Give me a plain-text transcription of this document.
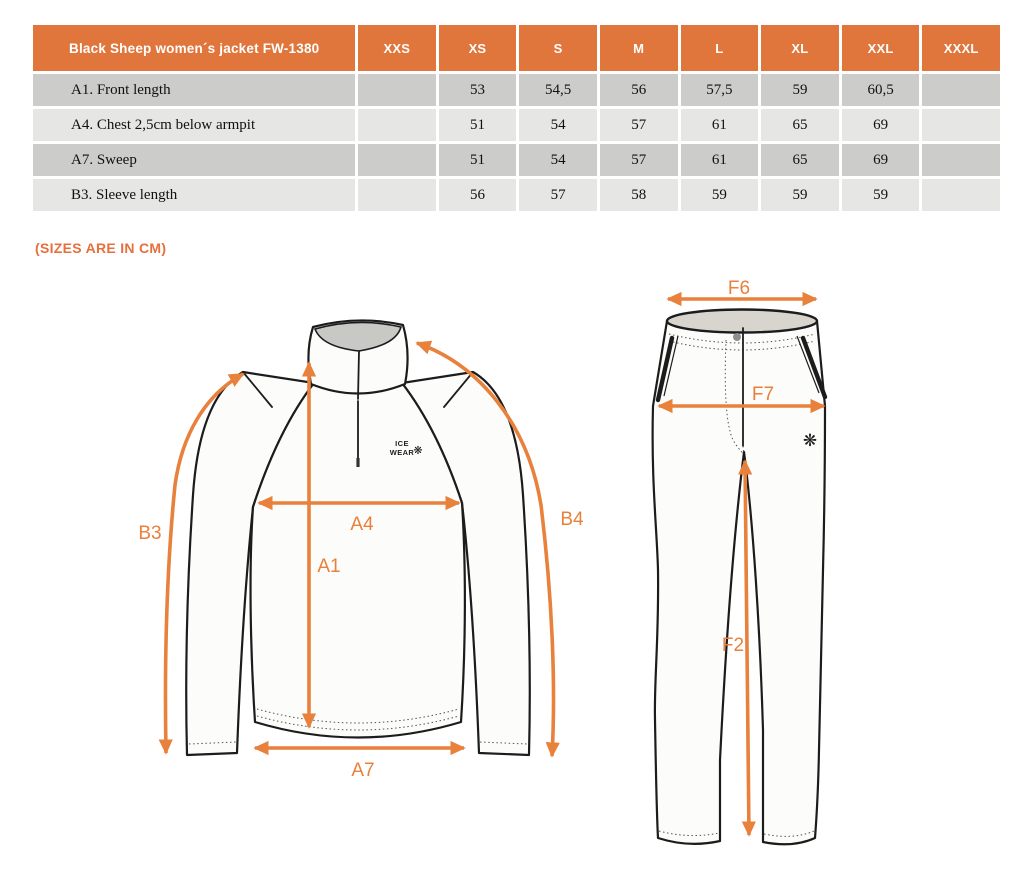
Black Sheep women´s jacket FW-1380	XXS	XS	S	M	L	XL	XXL	XXXL
A1. Front length		53	54,5	56	57,5	59	60,5	
A4. Chest 2,5cm below armpit		51	54	57	61	65	69	
A7. Sweep		51	54	57	61	65	69	
B3. Sleeve length		56	57	58	59	59	59	
(SIZES ARE IN CM)
ICE
WEAR ❋
B3	A4
A1
B4
A7
❋
F6
F7
F2
